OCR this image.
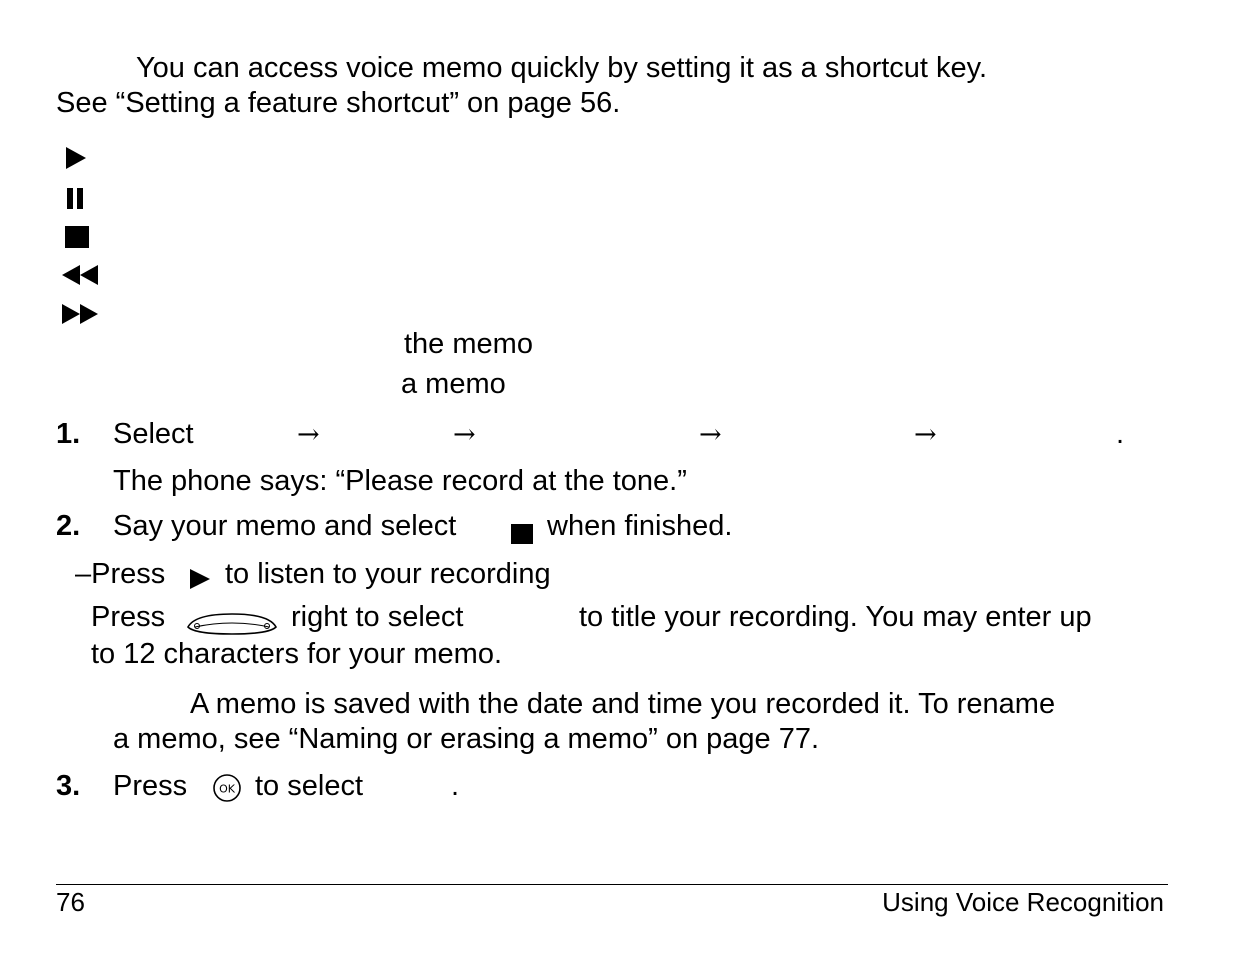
You can access voice memo quickly by setting it as a shortcut key.
See “Setting a feature shortcut” on page 56.
the memo
a memo
1. Select	→	→	→	→	.
The phone says: “Please record at the tone.”
2. Say your memo and select	when finished.
–Press to listen to your recording
Press	right to select	to title your recording. You may enter up
to 12 characters for your memo.
A memo is saved with the date and time you recorded it. To rename
a memo, see “Naming or erasing a memo” on page 77.
3. Press	OK to select	.
76	Using Voice Recognition
